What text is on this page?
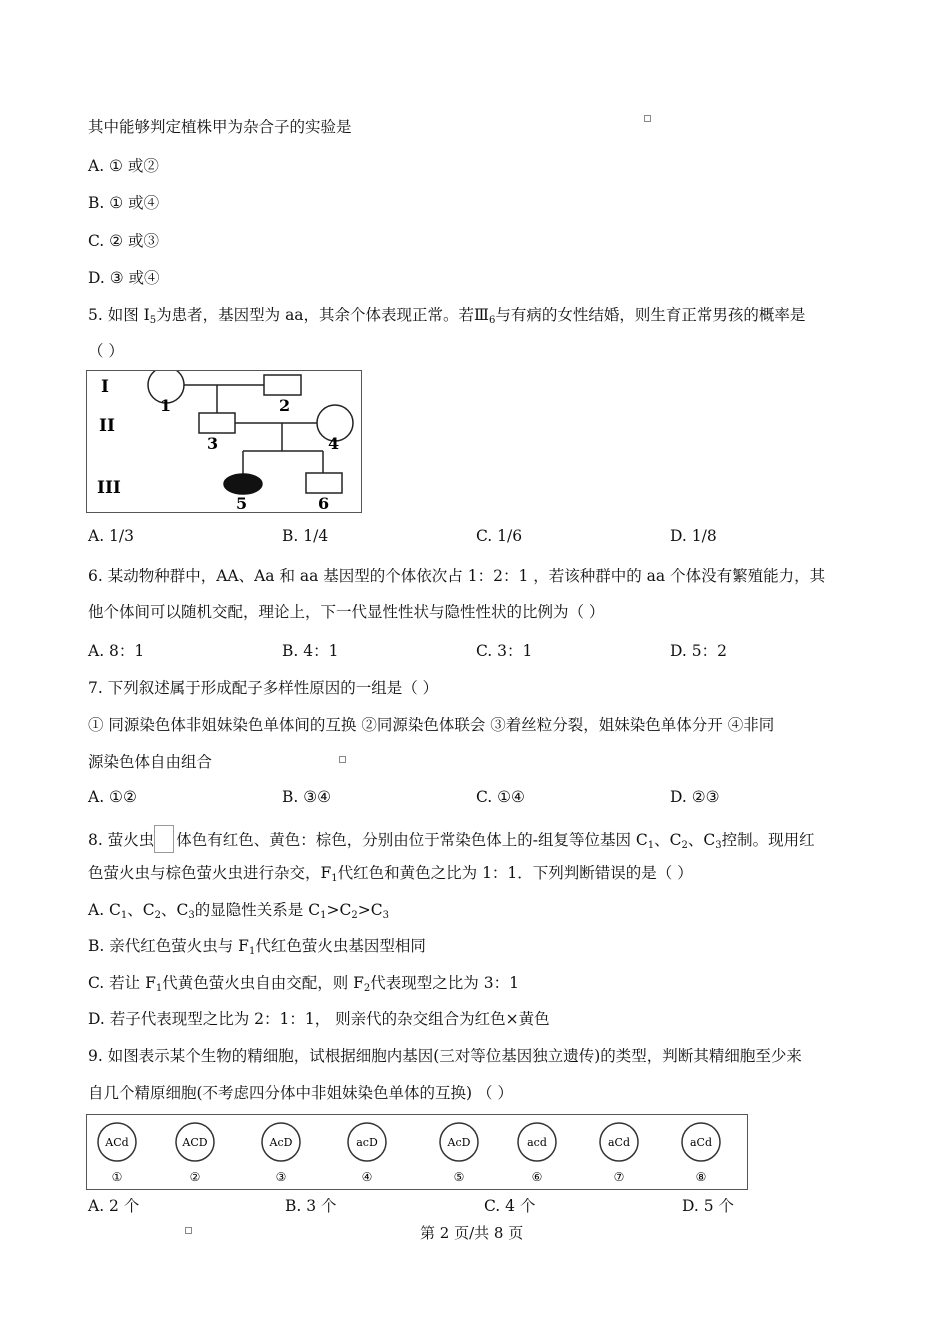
其中能够判定植株甲为杂合子的实验是
A. ① 或②
B. ① 或④
C. ② 或③
D. ③ 或④
5. 如图 $I_5$为患者，基因型为 aa，其余个体表现正常。若$Ⅲ_6$与有病的女性结婚，则生育正常男孩的概率是
（ ）
I
II
III
1	2
3	4
5	6
A. 1/3	B. 1/4	C. 1/6	D. 1/8
6. 某动物种群中，AA、Aa 和 aa 基因型的个体依次占 1：2：1 ，若该种群中的 aa 个体没有繁殖能力，其
他个体间可以随机交配，理论上，下一代显性性状与隐性性状的比例为（ ）
A. 8：1	B. 4：1	C. 3：1	D. 5：2
7. 下列叙述属于形成配子多样性原因的一组是（ ）
① 同源染色体非姐妹染色单体间的互换 ②同源染色体联会 ③着丝粒分裂，姐妹染色单体分开 ④非同
源染色体自由组合
A. ①②	B. ③④	C. ①④	D. ②③
8. 萤火虫 体色有红色、黄色：棕色，分别由位于常染色体上的-组复等位基因 $C_1$、$C_2$、$C_3$控制。现用红
色萤火虫与棕色萤火虫进行杂交，$F_1$代红色和黄色之比为 1：1．下列判断错误的是（ ）
A. $C_1$、$C_2$、$C_3$的显隐性关系是 $C_1>C_2>C_3$
B. 亲代红色萤火虫与 $F_1$代红色萤火虫基因型相同
C. 若让 $F_1$代黄色萤火虫自由交配，则 $F_2$代表现型之比为 3：1
D. 若子代表现型之比为 2：1：1， 则亲代的杂交组合为红色×黄色
9. 如图表示某个生物的精细胞，试根据细胞内基因(三对等位基因独立遗传)的类型，判断其精细胞至少来
自几个精原细胞(不考虑四分体中非姐妹染色单体的互换) （ ）
ACd
①
ACD
②
AcD
③
acD
④
AcD
⑤
acd
⑥
aCd
⑦
aCd
⑧
A. 2 个	B. 3 个	C. 4 个	D. 5 个
第 2 页/共 8 页
